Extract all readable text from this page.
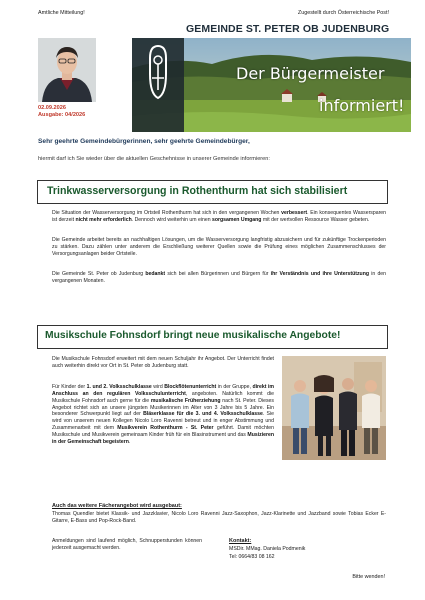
Amtliche Mitteilung!	Zugestellt durch Österreichische Post!
GEMEINDE ST. PETER OB JUDENBURG
Der Bürgermeister
informiert!
02.09.2026
Ausgabe: 04/2026
Sehr geehrte Gemeindebürgerinnen, sehr geehrte Gemeindebürger,
hiermit darf ich Sie wieder über die aktuellen Geschehnisse in unserer Gemeinde informieren:
Trinkwasserversorgung in Rothenthurm hat sich stabilisiert

Die Situation der Wasserversorgung im Ortsteil Rothenthurm hat sich in den vergangenen Wochen verbessert. Ein konsequentes Wassersparen ist derzeit nicht mehr erforderlich. Dennoch wird weiterhin um einen sorgsamen Umgang mit der wertvollen Ressource Wasser gebeten.

Die Gemeinde arbeitet bereits an nachhaltigen Lösungen, um die Wasserversorgung langfristig abzusichern und für zukünftige Trockenperioden zu stärken. Dazu zählen unter anderem die Erschließung weiterer Quellen sowie die Prüfung eines möglichen Zusammenschlusses der Versorgungsanlagen beider Ortsteile.

Die Gemeinde St. Peter ob Judenburg bedankt sich bei allen Bürgerinnen und Bürgern für ihr Verständnis und ihre Unterstützung in den vergangenen Monaten.

Musikschule Fohnsdorf bringt neue musikalische Angebote!

Die Musikschule Fohnsdorf erweitert mit dem neuen Schuljahr ihr Angebot. Der Unterricht findet auch weiterhin direkt vor Ort in St. Peter ob Judenburg statt.

Für Kinder der 1. und 2. Volksschulklasse wird Blockflötenunterricht in der Gruppe, direkt im Anschluss an den regulären Volksschulunterricht, angeboten. Natürlich kommt die Musikschule Fohnsdorf auch gerne für die musikalische Früherziehung nach St. Peter. Dieses Angebot richtet sich an unsere jüngsten Musikerinnen im Alter von 3 Jahre bis 5 Jahre. Ein besonderer Schwerpunkt liegt auf der Bläserklasse für die 3. und 4. Volksschulklasse. Sie wird von unserem neuen Kollegen Nicolo Loro Ravenni betreut und in enger Abstimmung und Zusammenarbeit mit dem Musikverein Rothenthurm - St. Peter geführt. Damit möchten Musikschule und Musikverein gemeinsam Kinder früh für ein Blasinstrument und das Musizieren in der Gemeinschaft begeistern.

Auch das weitere Fächerangebot wird ausgebaut:

Thomas Quendler bietet Klassik- und Jazzklavier, Nicolo Loro Ravenni Jazz-Saxophon, Jazz-Klarinette und Jazzband sowie Tobias Ecker E-Gitarre, E-Bass und Pop-Rock-Band.

Anmeldungen sind laufend möglich, Schnupperstunden können jederzeit ausgemacht werden.

Kontakt:
MSDir. MMag. Daniela Podmenik
Tel: 0664/83 08 162
Bitte wenden!
